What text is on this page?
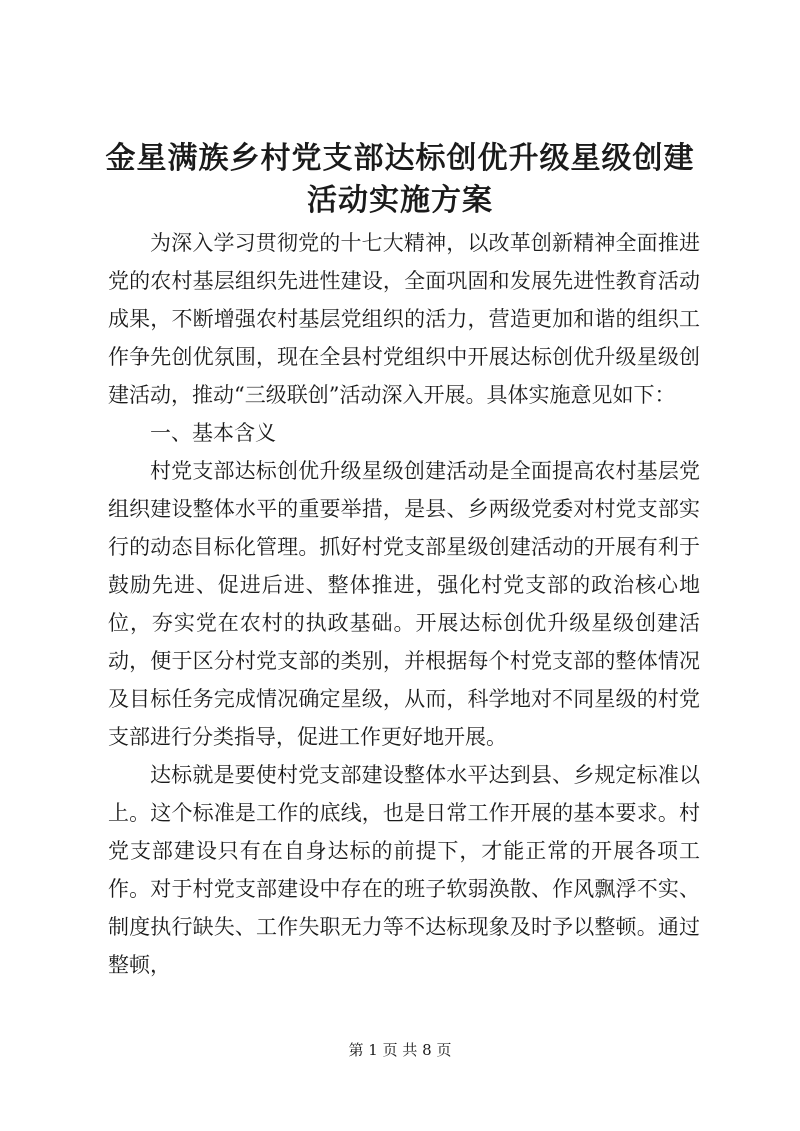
金星满族乡村党支部达标创优升级星级创建活动实施方案

为深入学习贯彻党的十七大精神，以改革创新精神全面推进党的农村基层组织先进性建设，全面巩固和发展先进性教育活动成果，不断增强农村基层党组织的活力，营造更加和谐的组织工作争先创优氛围，现在全县村党组织中开展达标创优升级星级创建活动，推动“三级联创”活动深入开展。具体实施意见如下：

一、基本含义

村党支部达标创优升级星级创建活动是全面提高农村基层党组织建设整体水平的重要举措，是县、乡两级党委对村党支部实行的动态目标化管理。抓好村党支部星级创建活动的开展有利于鼓励先进、促进后进、整体推进，强化村党支部的政治核心地位，夯实党在农村的执政基础。开展达标创优升级星级创建活动，便于区分村党支部的类别，并根据每个村党支部的整体情况及目标任务完成情况确定星级，从而，科学地对不同星级的村党支部进行分类指导，促进工作更好地开展。

达标就是要使村党支部建设整体水平达到县、乡规定标准以上。这个标准是工作的底线，也是日常工作开展的基本要求。村党支部建设只有在自身达标的前提下，才能正常的开展各项工作。对于村党支部建设中存在的班子软弱涣散、作风飘浮不实、制度执行缺失、工作失职无力等不达标现象及时予以整顿。通过整顿，

第 1 页 共 8 页
